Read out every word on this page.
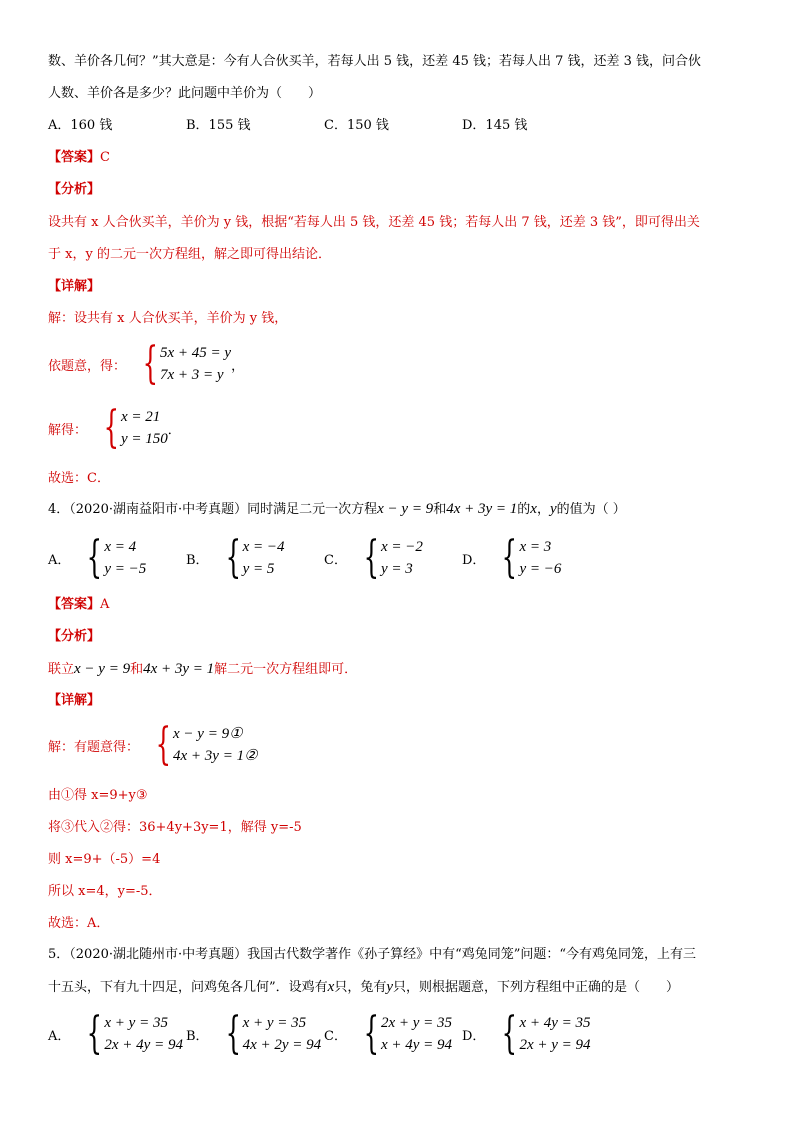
数、羊价各几何？”其大意是：今有人合伙买羊，若每人出 5 钱，还差 45 钱；若每人出 7 钱，还差 3 钱，问合伙
人数、羊价各是多少？此问题中羊价为（　　）
A．160 钱	B．155 钱	C．150 钱	D．145 钱
【答案】C
【分析】
设共有 x 人合伙买羊，羊价为 y 钱，根据“若每人出 5 钱，还差 45 钱；若每人出 7 钱，还差 3 钱”，即可得出关
于 x，y 的二元一次方程组，解之即可得出结论．
【详解】
解：设共有 x 人合伙买羊，羊价为 y 钱，
依题意，得： { 5x + 45 = y
7x + 3 = y
，
解得： { x = 21
y = 150
．
故选：C．
4．（2020·湖南益阳市·中考真题）同时满足二元一次方程x − y = 9和4x + 3y = 1的x，y的值为（ ）
A． { x = 4
y = −5
B． { x = −4
y = 5
C． { x = −2
y = 3
D． { x = 3
y = −6
【答案】A
【分析】
联立x − y = 9和4x + 3y = 1解二元一次方程组即可．
【详解】
解：有题意得： { x − y = 9①
4x + 3y = 1②
由①得 x=9+y③
将③代入②得：36+4y+3y=1，解得 y=-5
则 x=9+（-5）=4
所以 x=4，y=-5．
故选：A．
5．（2020·湖北随州市·中考真题）我国古代数学著作《孙子算经》中有“鸡兔同笼”问题：“今有鸡兔同笼，上有三
十五头，下有九十四足，问鸡兔各几何”．设鸡有x只，兔有y只，则根据题意，下列方程组中正确的是（　　）
A． { x + y = 35
2x + 4y = 94
B． { x + y = 35
4x + 2y = 94
C． { 2x + y = 35
x + 4y = 94
D． { x + 4y = 35
2x + y = 94
